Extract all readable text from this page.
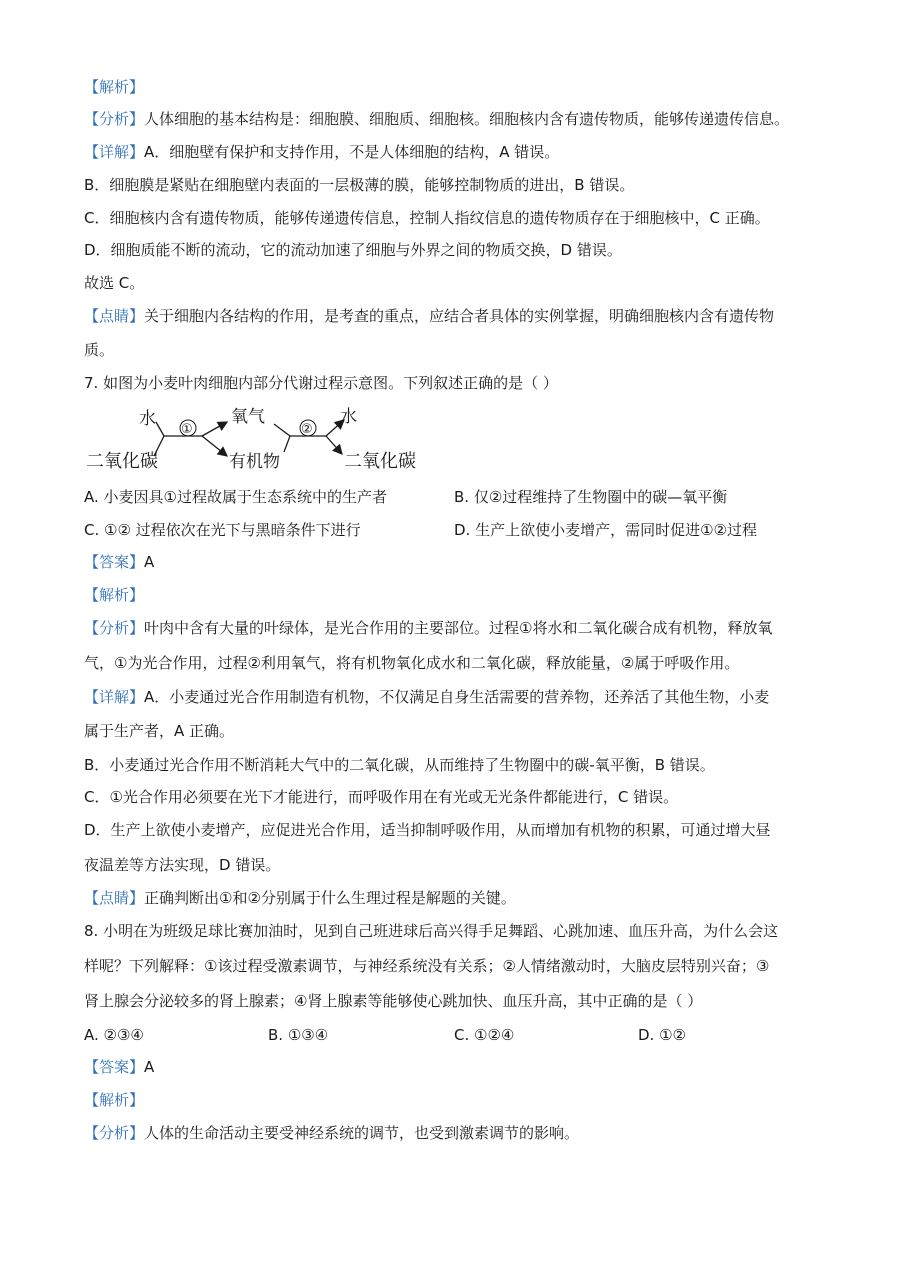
【解析】
【分析】人体细胞的基本结构是：细胞膜、细胞质、细胞核。细胞核内含有遗传物质，能够传递遗传信息。
【详解】A．细胞壁有保护和支持作用，不是人体细胞的结构，A 错误。
B．细胞膜是紧贴在细胞壁内表面的一层极薄的膜，能够控制物质的进出，B 错误。
C．细胞核内含有遗传物质，能够传递遗传信息，控制人指纹信息的遗传物质存在于细胞核中，C 正确。
D．细胞质能不断的流动，它的流动加速了细胞与外界之间的物质交换，D 错误。
故选 C。
【点睛】关于细胞内各结构的作用，是考查的重点，应结合者具体的实例掌握，明确细胞核内含有遗传物
质。
7. 如图为小麦叶肉细胞内部分代谢过程示意图。下列叙述正确的是（ ）
水
二氧化碳
①
氧气
有机物
②
水
二氧化碳
A. 小麦因具①过程故属于生态系统中的生产者	B. 仅②过程维持了生物圈中的碳—氧平衡
C. ①② 过程依次在光下与黑暗条件下进行	D. 生产上欲使小麦增产，需同时促进①②过程
【答案】A
【解析】
【分析】叶肉中含有大量的叶绿体，是光合作用的主要部位。过程①将水和二氧化碳合成有机物，释放氧
气，①为光合作用，过程②利用氧气，将有机物氧化成水和二氧化碳，释放能量，②属于呼吸作用。
【详解】A．小麦通过光合作用制造有机物，不仅满足自身生活需要的营养物，还养活了其他生物，小麦
属于生产者，A 正确。
B．小麦通过光合作用不断消耗大气中的二氧化碳，从而维持了生物圈中的碳-氧平衡，B 错误。
C．①光合作用必须要在光下才能进行，而呼吸作用在有光或无光条件都能进行，C 错误。
D．生产上欲使小麦增产，应促进光合作用，适当抑制呼吸作用，从而增加有机物的积累，可通过增大昼
夜温差等方法实现，D 错误。
【点睛】正确判断出①和②分别属于什么生理过程是解题的关键。
8. 小明在为班级足球比赛加油时，见到自己班进球后高兴得手足舞蹈、心跳加速、血压升高，为什么会这
样呢？下列解释：①该过程受激素调节，与神经系统没有关系；②人情绪激动时，大脑皮层特别兴奋；③
肾上腺会分泌较多的肾上腺素；④肾上腺素等能够使心跳加快、血压升高，其中正确的是（ ）
A. ②③④	B. ①③④	C. ①②④	D. ①②
【答案】A
【解析】
【分析】人体的生命活动主要受神经系统的调节，也受到激素调节的影响。
